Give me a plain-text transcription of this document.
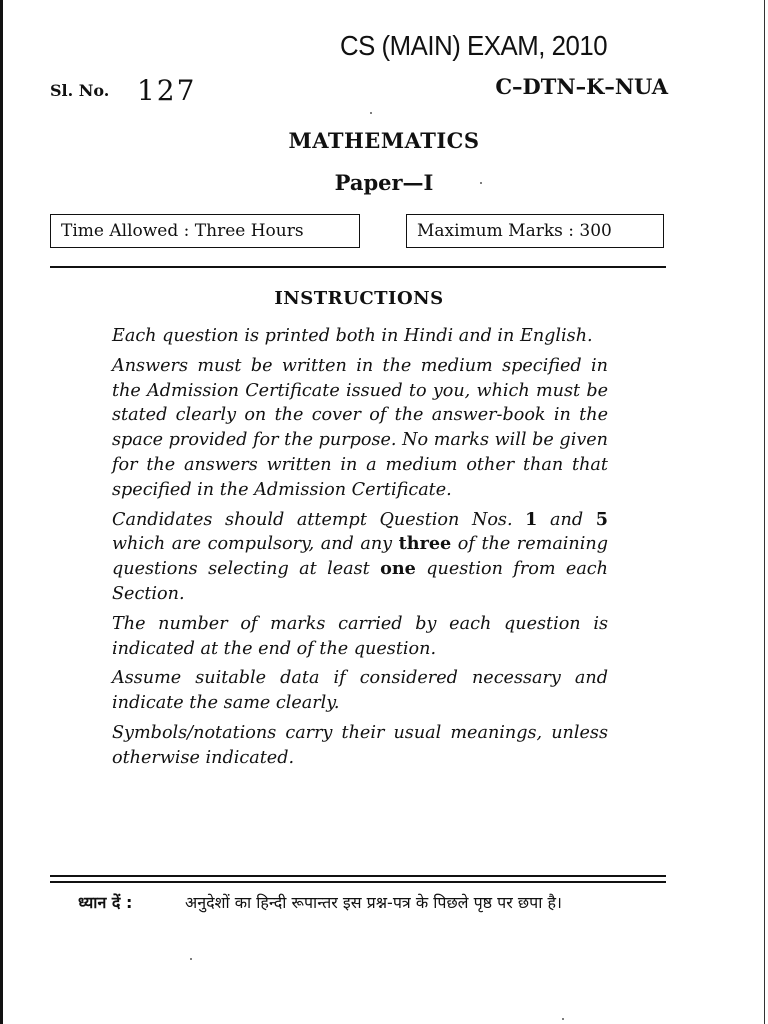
CS (MAIN) EXAM, 2010
Sl. No. 127	C–DTN–K–NUA
MATHEMATICS
Paper—I
Time Allowed : Three Hours	Maximum Marks : 300
INSTRUCTIONS

Each question is printed both in Hindi and in English.

Answers must be written in the medium specified in the Admission Certificate issued to you, which must be stated clearly on the cover of the answer-book in the space provided for the purpose. No marks will be given for the answers written in a medium other than that specified in the Admission Certificate.

Candidates should attempt Question Nos. 1 and 5 which are compulsory, and any three of the remaining questions selecting at least one question from each Section.

The number of marks carried by each question is indicated at the end of the question.

Assume suitable data if considered necessary and indicate the same clearly.

Symbols/notations carry their usual meanings, unless otherwise indicated.

ध्यान दें :	अनुदेशों का हिन्दी रूपान्तर इस प्रश्न-पत्र के पिछले पृष्ठ पर छपा है।
